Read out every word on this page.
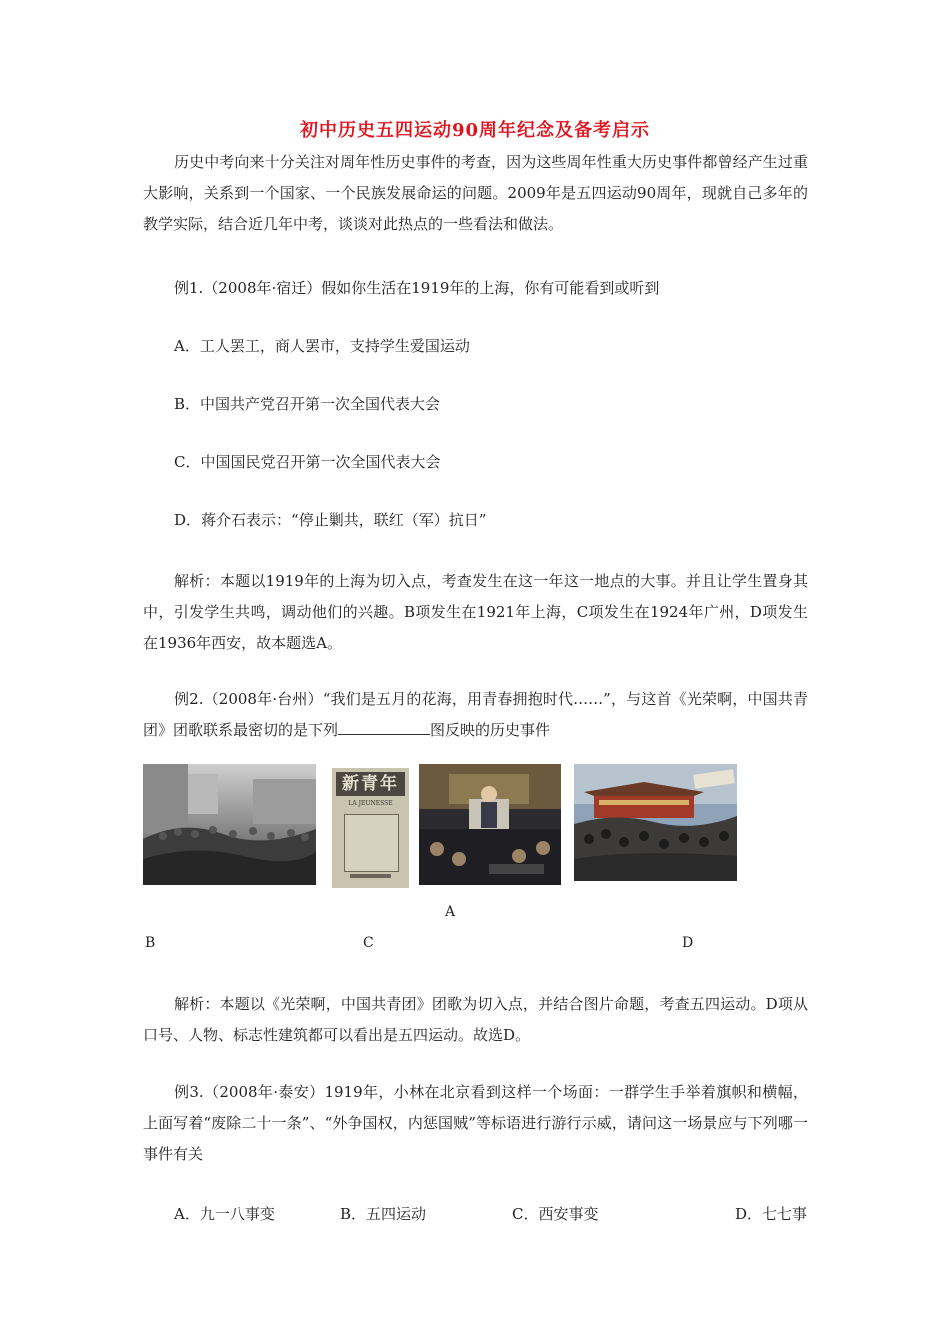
初中历史五四运动90周年纪念及备考启示
历史中考向来十分关注对周年性历史事件的考查，因为这些周年性重大历史事件都曾经产生过重大影响，关系到一个国家、一个民族发展命运的问题。2009年是五四运动90周年，现就自己多年的教学实际，结合近几年中考，谈谈对此热点的一些看法和做法。
例1.（2008年·宿迁）假如你生活在1919年的上海，你有可能看到或听到
A．工人罢工，商人罢市，支持学生爱国运动
B．中国共产党召开第一次全国代表大会
C．中国国民党召开第一次全国代表大会
D．蒋介石表示：“停止剿共，联红（军）抗日”
解析：本题以1919年的上海为切入点，考查发生在这一年这一地点的大事。并且让学生置身其中，引发学生共鸣，调动他们的兴趣。B项发生在1921年上海，C项发生在1924年广州，D项发生在1936年西安，故本题选A。
例2.（2008年·台州）“我们是五月的花海，用青春拥抱时代……”，与这首《光荣啊，中国共青团》团歌联系最密切的是下列	图反映的历史事件
新青年
LA JEUNESSE
A
B	C	D
解析：本题以《光荣啊，中国共青团》团歌为切入点，并结合图片命题，考查五四运动。D项从口号、人物、标志性建筑都可以看出是五四运动。故选D。
例3.（2008年·泰安）1919年，小林在北京看到这样一个场面：一群学生手举着旗帜和横幅，上面写着“废除二十一条”、“外争国权，内惩国贼”等标语进行游行示威，请问这一场景应与下列哪一事件有关
A．九一八事变	B．五四运动	C．西安事变	D．七七事
